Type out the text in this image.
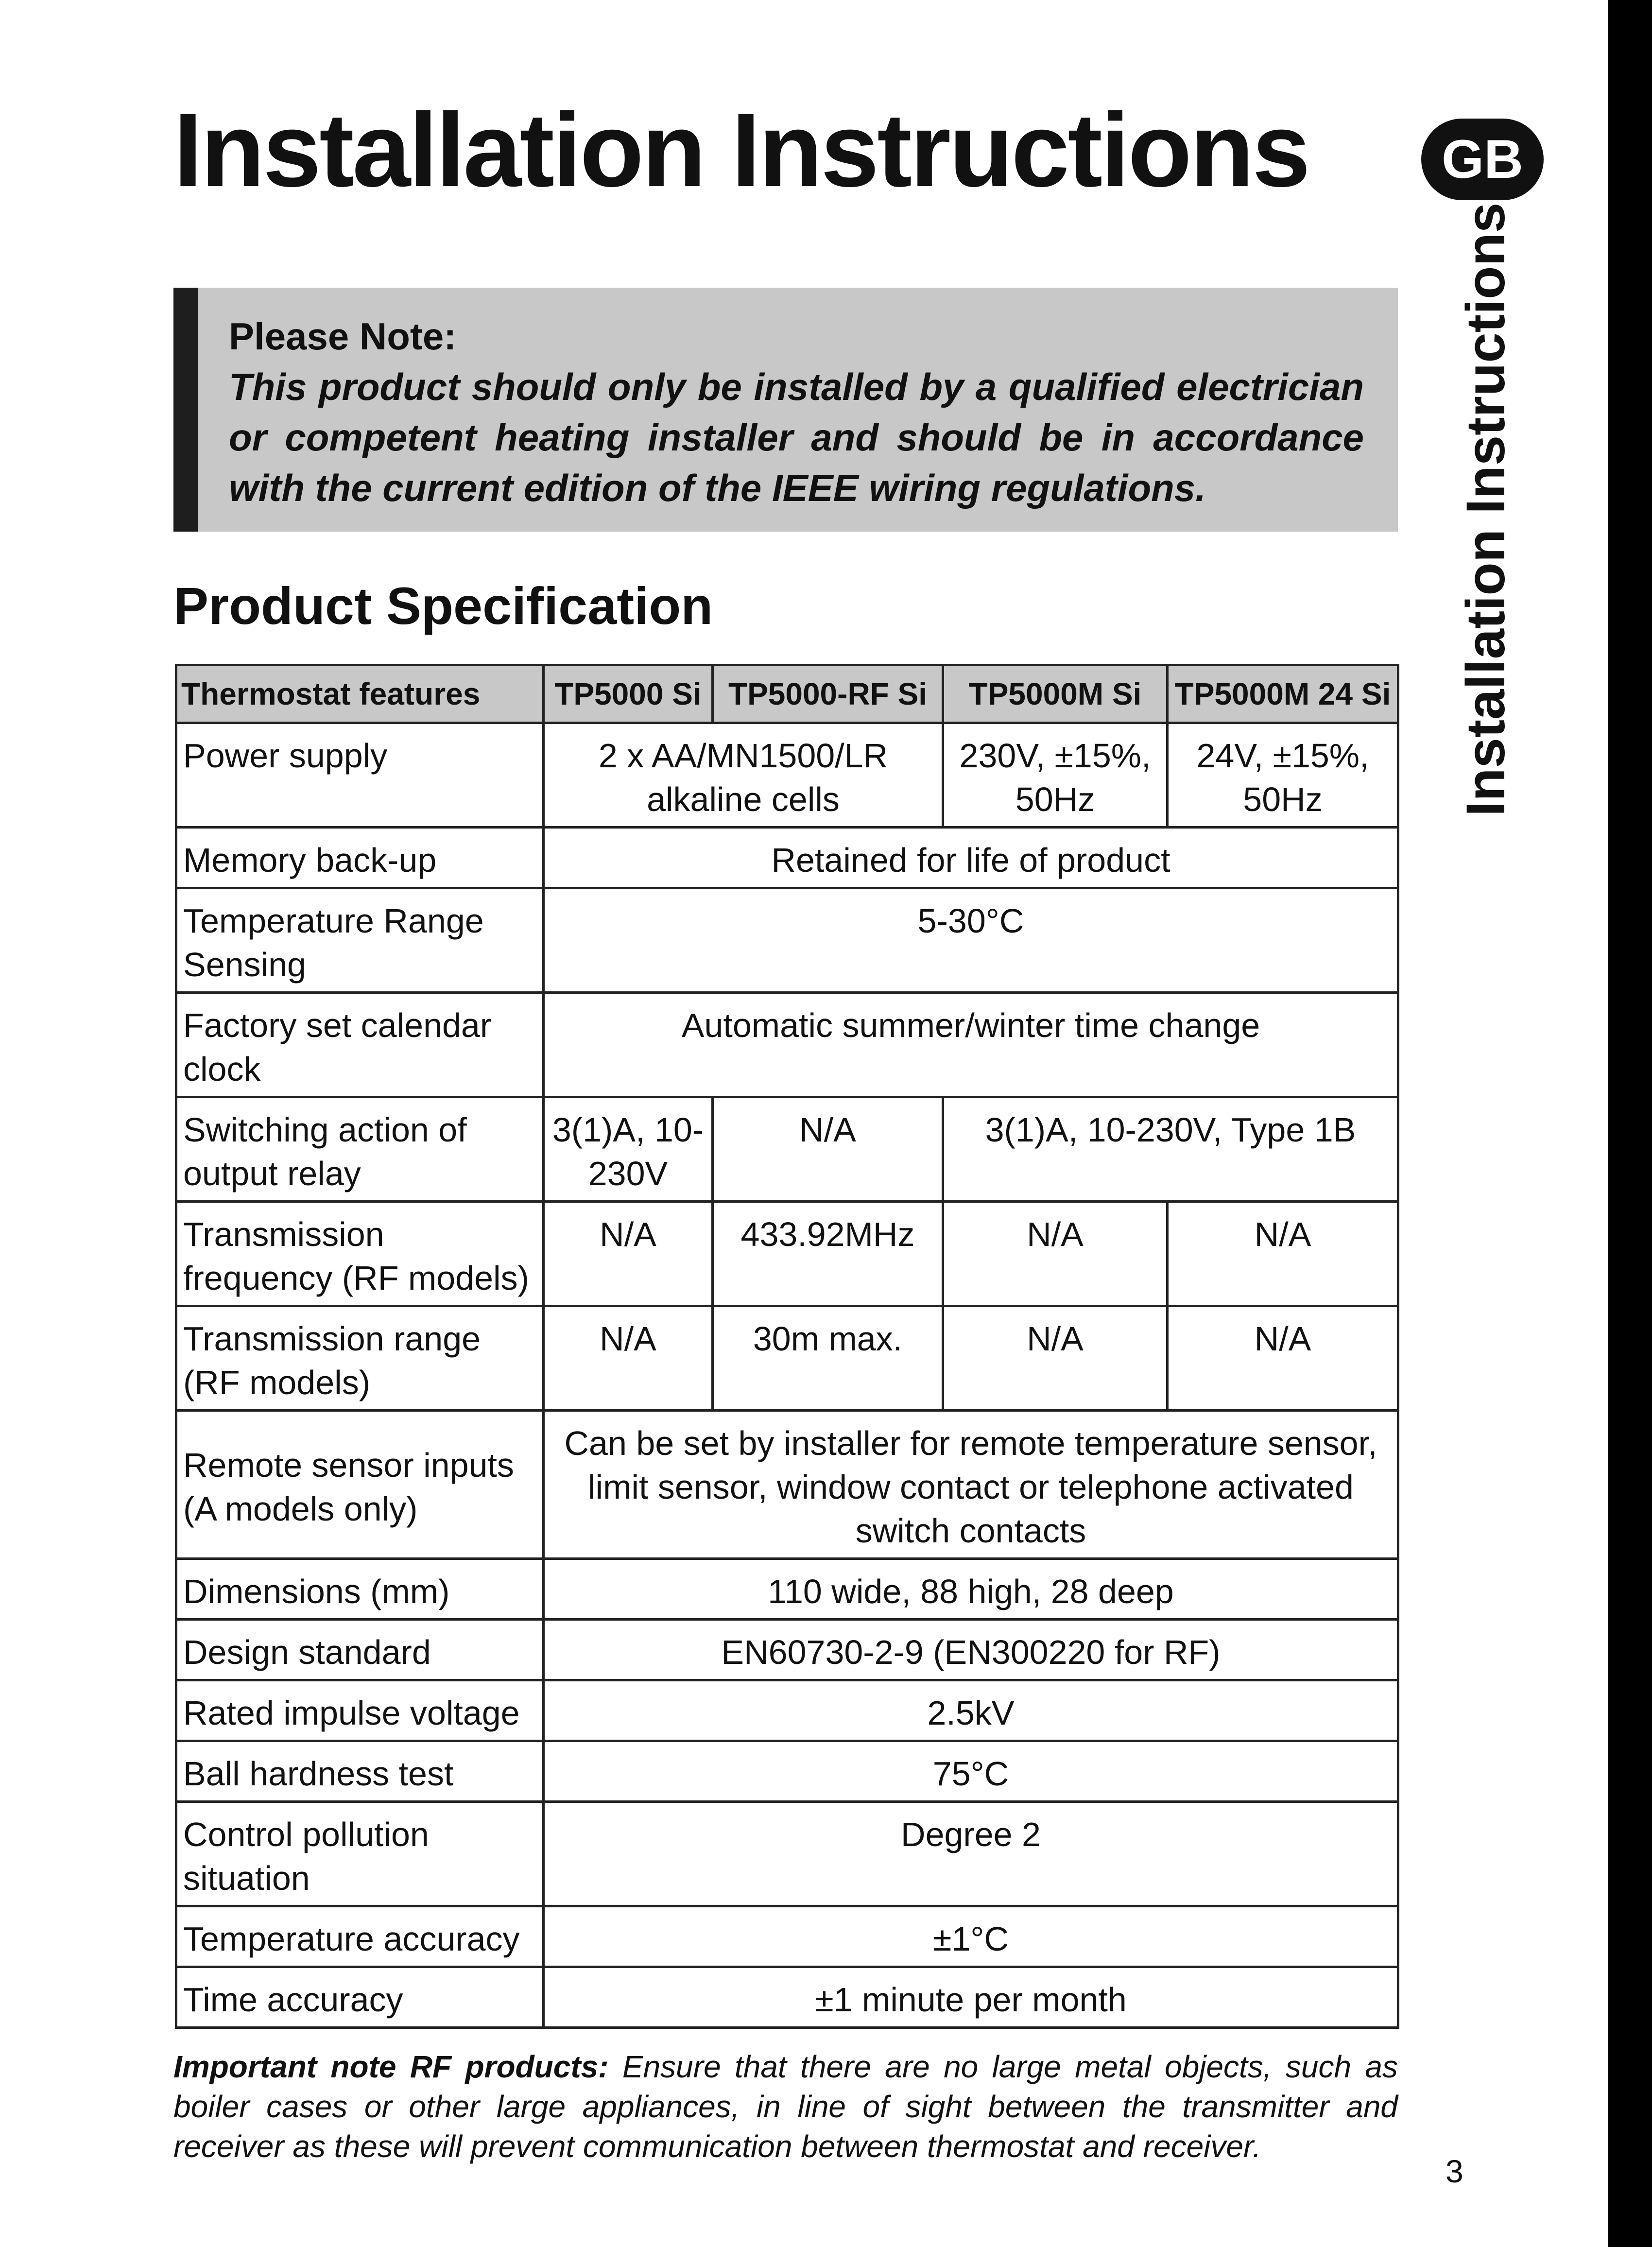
Installation Instructions	GB
Installation Instructions
Please Note:
This product should only be installed by a qualified electrician or competent heating installer and should be in accordance with the current edition of the IEEE wiring regulations.
Product Specification
Thermostat features	TP5000 Si	TP5000-RF Si	TP5000M Si	TP5000M 24 Si
Power supply	2 x AA/MN1500/LR alkaline cells		230V, ±15%, 50Hz	24V, ±15%, 50Hz
Memory back-up	Retained for life of product			
Temperature Range Sensing	5-30°C			
Factory set calendar clock	Automatic summer/winter time change			
Switching action of output relay	3(1)A, 10-230V	N/A	3(1)A, 10-230V, Type 1B	
Transmission frequency (RF models)	N/A	433.92MHz	N/A	N/A
Transmission range (RF models)	N/A	30m max.	N/A	N/A
Remote sensor inputs (A models only)	Can be set by installer for remote temperature sensor, limit sensor, window contact or telephone activated switch contacts			
Dimensions (mm)	110 wide, 88 high, 28 deep			
Design standard	EN60730-2-9 (EN300220 for RF)			
Rated impulse voltage	2.5kV			
Ball hardness test	75°C			
Control pollution situation	Degree 2			
Temperature accuracy	±1°C			
Time accuracy	±1 minute per month			
Important note RF products: Ensure that there are no large metal objects, such as boiler cases or other large appliances, in line of sight between the transmitter and receiver as these will prevent communication between thermostat and receiver.
3
